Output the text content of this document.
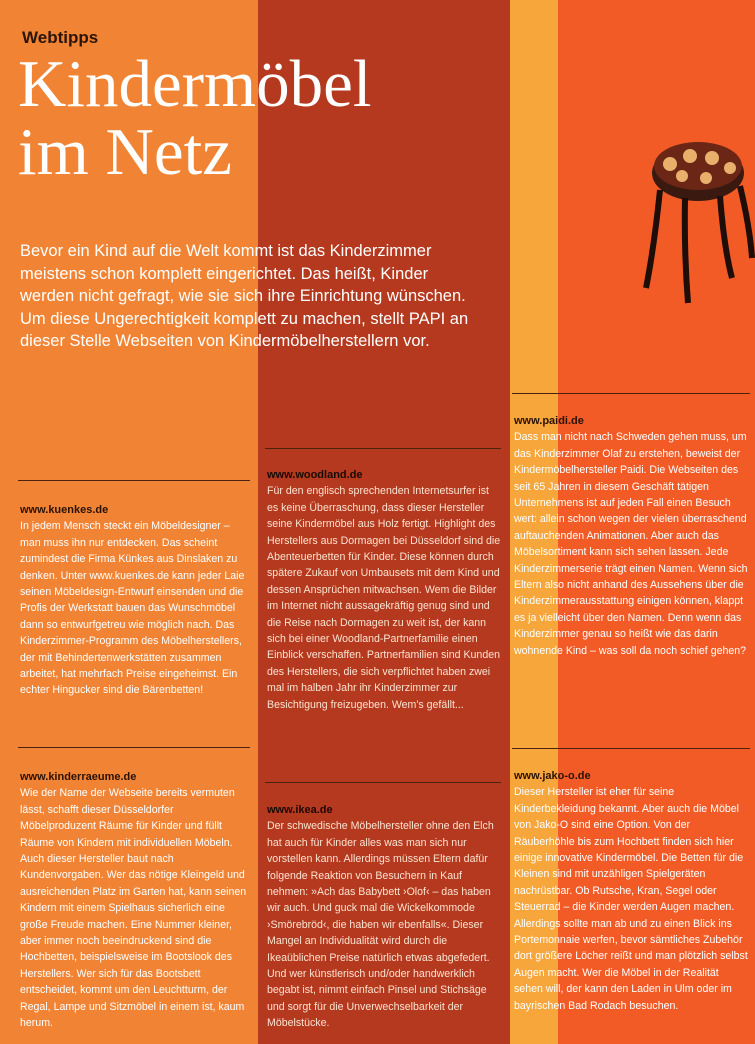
Webtipps
Kindermöbel
im Netz

Bevor ein Kind auf die Welt kommt ist das Kinderzimmer meistens schon komplett eingerichtet. Das heißt, Kinder werden nicht gefragt, wie sie sich ihre Einrichtung wünschen. Um diese Ungerechtigkeit komplett zu machen, stellt PAPI an dieser Stelle Webseiten von Kindermöbelherstellern vor.

www.kuenkes.de
In jedem Mensch steckt ein Möbeldesigner – man muss ihn nur entdecken. Das scheint zumindest die Firma Künkes aus Dinslaken zu denken. Unter www.kuenkes.de kann jeder Laie seinen Möbeldesign-Entwurf einsenden und die Profis der Werkstatt bauen das Wunschmöbel dann so entwurfgetreu wie möglich nach. Das Kinderzimmer-Programm des Möbelherstellers, der mit Behindertenwerkstätten zusammen arbeitet, hat mehrfach Preise eingeheimst. Ein echter Hingucker sind die Bärenbetten!
www.kinderraeume.de
Wie der Name der Webseite bereits vermuten lässt, schafft dieser Düsseldorfer Möbelproduzent Räume für Kinder und füllt Räume von Kindern mit individuellen Möbeln. Auch dieser Hersteller baut nach Kundenvorgaben. Wer das nötige Kleingeld und ausreichenden Platz im Garten hat, kann seinen Kindern mit einem Spielhaus sicherlich eine große Freude machen. Eine Nummer kleiner, aber immer noch beeindruckend sind die Hochbetten, beispielsweise im Bootslook des Herstellers. Wer sich für das Bootsbett entscheidet, kommt um den Leuchtturm, der Regal, Lampe und Sitzmöbel in einem ist, kaum herum.
www.woodland.de
Für den englisch sprechenden Internetsurfer ist es keine Überraschung, dass dieser Hersteller seine Kindermöbel aus Holz fertigt. Highlight des Herstellers aus Dormagen bei Düsseldorf sind die Abenteuerbetten für Kinder. Diese können durch spätere Zukauf von Umbausets mit dem Kind und dessen Ansprüchen mitwachsen. Wem die Bilder im Internet nicht aussagekräftig genug sind und die Reise nach Dormagen zu weit ist, der kann sich bei einer Woodland-Partnerfamilie einen Einblick verschaffen. Partnerfamilien sind Kunden des Herstellers, die sich verpflichtet haben zwei mal im halben Jahr ihr Kinderzimmer zur Besichtigung freizugeben. Wem's gefällt...
www.ikea.de
Der schwedische Möbelhersteller ohne den Elch hat auch für Kinder alles was man sich nur vorstellen kann. Allerdings müssen Eltern dafür folgende Reaktion von Besuchern in Kauf nehmen: »Ach das Babybett ›Olof‹ – das haben wir auch. Und guck mal die Wickelkommode ›Smörebröd‹, die haben wir ebenfalls«. Dieser Mangel an Individualität wird durch die Ikeaüblichen Preise natürlich etwas abgefedert. Und wer künstlerisch und/oder handwerklich begabt ist, nimmt einfach Pinsel und Stichsäge und sorgt für die Unverwechselbarkeit der Möbelstücke.
www.paidi.de
Dass man nicht nach Schweden gehen muss, um das Kinderzimmer Olaf zu erstehen, beweist der Kindermöbelhersteller Paidi. Die Webseiten des seit 65 Jahren in diesem Geschäft tätigen Unternehmens ist auf jeden Fall einen Besuch wert: allein schon wegen der vielen überraschend auftauchenden Animationen. Aber auch das Möbelsortiment kann sich sehen lassen. Jede Kinderzimmerserie trägt einen Namen. Wenn sich Eltern also nicht anhand des Aussehens über die Kinderzimmerausstattung einigen können, klappt es ja vielleicht über den Namen. Denn wenn das Kinderzimmer genau so heißt wie das darin wohnende Kind – was soll da noch schief gehen?
www.jako-o.de
Dieser Hersteller ist eher für seine Kinderbekleidung bekannt. Aber auch die Möbel von Jako-O sind eine Option. Von der Räuberhöhle bis zum Hochbett finden sich hier einige innovative Kindermöbel. Die Betten für die Kleinen sind mit unzähligen Spielgeräten nachrüstbar. Ob Rutsche, Kran, Segel oder Steuerrad – die Kinder werden Augen machen. Allerdings sollte man ab und zu einen Blick ins Portemonnaie werfen, bevor sämtliches Zubehör dort größere Löcher reißt und man plötzlich selbst Augen macht. Wer die Möbel in der Realität sehen will, der kann den Laden in Ulm oder im bayrischen Bad Rodach besuchen.
